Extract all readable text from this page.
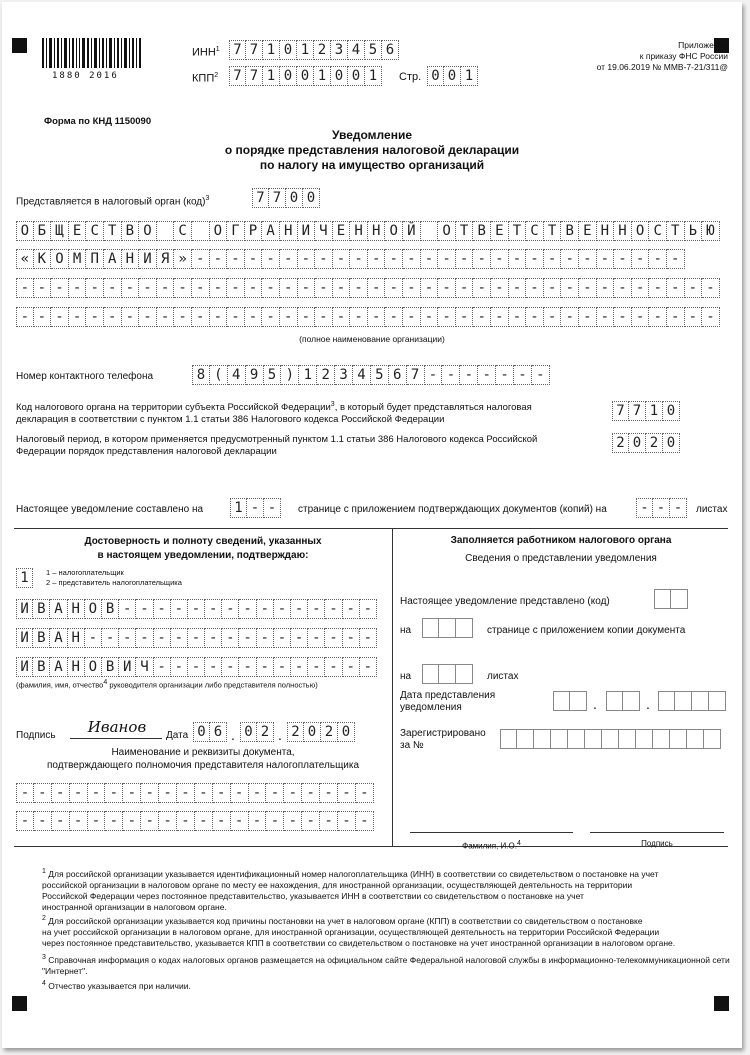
1880 2016
ИНН$^1$ 7 7 1 0 1 2 3 4 5 6
КПП$^2$	7 7 1 0 0 1 0 0 1	Стр. 0 0 1
Приложение
к приказу ФНС России
от 19.06.2019 № ММВ-7-21/311@
Форма по КНД 1150090
Уведомление
о порядке представления налоговой декларации
по налогу на имущество организаций
Представляется в налоговый орган (код)$^3$	7 7 0 0
О Б Щ Е С Т В О
	С
	О Г Р А Н И Ч Е Н Н О Й
	О Т В Е Т С Т В Е Н Н О С Т Ь Ю
« К О М П А Н И Я » - - - - - - - - - - - - - - - - - - - - - - - - - - - -
- - - - - - - - - - - - - - - - - - - - - - - - - - - - - - - - - - - - - - - -
- - - - - - - - - - - - - - - - - - - - - - - - - - - - - - - - - - - - - - - -
(полное наименование организации)
Номер контактного телефона	8 ( 4 9 5 ) 1 2 3 4 5 6 7 - - - - - - -
Код налогового органа на территории субъекта Российской Федерации$^3$, в который будет представляться налоговая
декларация в соответствии с пунктом 1.1 статьи 386 Налогового кодекса Российской Федерации
7 7 1 0
Налоговый период, в котором применяется предусмотренный пунктом 1.1 статьи 386 Налогового кодекса Российской
Федерации порядок представления налоговой декларации
2 0 2 0
Настоящее уведомление составлено на	1 - -	странице с приложением подтверждающих документов (копий) на	- - -	листах
Достоверность и полноту сведений, указанных
в настоящем уведомлении, подтверждаю:
1	1 – налогоплательщик
2 – представитель налогоплательщика
И В А Н О В - - - - - - - - - - - - - - -
И В А Н - - - - - - - - - - - - - - - - -
И В А Н О В И Ч - - - - - - - - - - - - -
(фамилия, имя, отчество$^4$ руководителя организации либо представителя полностью)
Подпись	Иванов	Дата 0 6 . 0 2 . 2 0 2 0
Наименование и реквизиты документа,
подтверждающего полномочия представителя налогоплательщика
- - - - - - - - - - - - - - - - - - - -
- - - - - - - - - - - - - - - - - - - -
Заполняется работником налогового органа
Сведения о представлении уведомления
Настоящее уведомление представлено (код)
на	странице с приложением копии документа
на	листах
Дата представления
уведомления	.	.
Зарегистрировано
за №
Фамилия, И.О.$^4$	Подпись
$^1$ Для российской организации указывается идентификационный номер налогоплательщика (ИНН) в соответствии со свидетельством о постановке на учет
российской организации в налоговом органе по месту ее нахождения, для иностранной организации, осуществляющей деятельность на территории
Российской Федерации через постоянное представительство, указывается ИНН в соответствии со свидетельством о постановке на учет
иностранной организации в налоговом органе.
$^2$ Для российской организации указывается код причины постановки на учет в налоговом органе (КПП) в соответствии со свидетельством о постановке
на учет российской организации в налоговом органе, для иностранной организации, осуществляющей деятельность на территории Российской Федерации
через постоянное представительство, указывается КПП в соответствии со свидетельством о постановке на учет иностранной организации в налоговом органе.
$^3$ Справочная информация о кодах налоговых органов размещается на официальном сайте Федеральной налоговой службы в информационно-телекоммуникационной сети
"Интернет".
$^4$ Отчество указывается при наличии.
